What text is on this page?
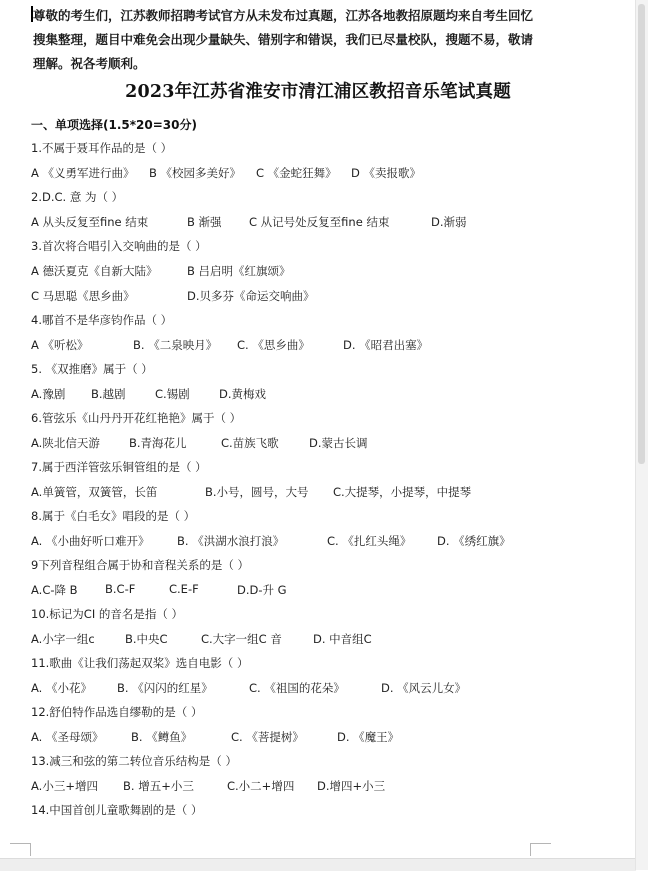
尊敬的考生们，江苏教师招聘考试官方从未发布过真题，江苏各地教招原题均来自考生回忆搜集整理，题目中难免会出现少量缺失、错别字和错误，我们已尽量校队，搜题不易，敬请理解。祝各考顺利。

2023年江苏省淮安市清江浦区教招音乐笔试真题

一、单项选择(1.5*20=30分)

1.不属于聂耳作品的是（ ）

A 《义勇军进行曲》 B 《校园多美好》 C 《金蛇狂舞》 D 《卖报歌》

2.D.C. 意 为（ ）

A 从头反复至fine 结束	B 渐强 C 从记号处反复至fine 结束	D.渐弱

3.首次将合唱引入交响曲的是（ ）

A 德沃夏克《自新大陆》	B 吕启明《红旗颂》
C 马思聪《思乡曲》	D.贝多芬《命运交响曲》

4.哪首不是华彦钧作品（ ）

A 《听松》	B. 《二泉映月》 C. 《思乡曲》	D. 《昭君出塞》

5. 《双推磨》属于（ ）

A.豫剧 B.越剧	C.锡剧	D.黄梅戏

6.管弦乐《山丹丹开花红艳艳》属于（ ）

A.陕北信天游	B.青海花儿	C.苗族飞歌	D.蒙古长调

7.属于西洋管弦乐铜管组的是（ ）

A.单簧管，双簧管，长笛	B.小号，圆号，大号 C.大提琴，小提琴，中提琴

8.属于《白毛女》唱段的是（ ）

A. 《小曲好听口难开》 B. 《洪湖水浪打浪》	C. 《扎红头绳》 D. 《绣红旗》

9下列音程组合属于协和音程关系的是（ ）

A.C-降 B B.C-F	C.E-F	D.D-升 G

10.标记为CI 的音名是指（ ）

A.小字一组c	B.中央C	C.大字一组C 音	D. 中音组C

11.歌曲《让我们荡起双桨》选自电影（ ）

A. 《小花》 B. 《闪闪的红星》	C. 《祖国的花朵》	D. 《风云儿女》

12.舒伯特作品选自缪勒的是（ ）

A. 《圣母颂》 B. 《鳟鱼》	C. 《菩提树》	D. 《魔王》

13.减三和弦的第二转位音乐结构是（ ）

A.小三+增四 B. 增五+小三	C.小二+增四 D.增四+小三

14.中国首创儿童歌舞剧的是（ ）
